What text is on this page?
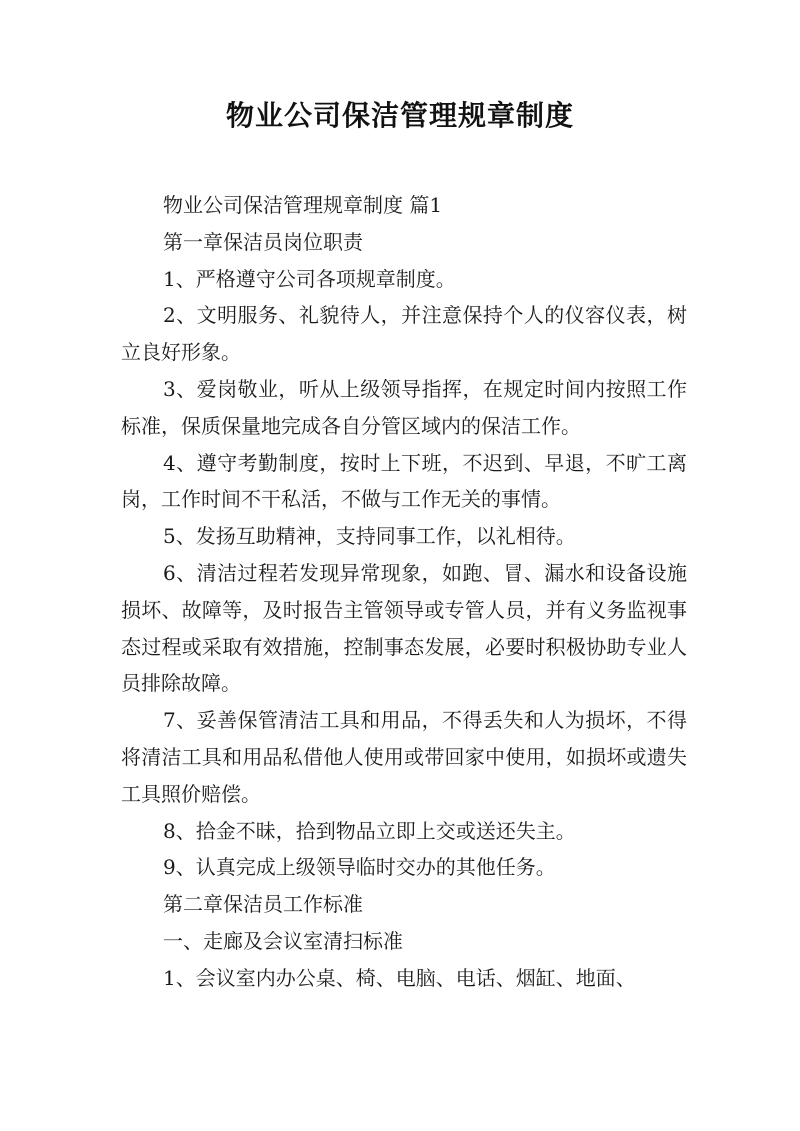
物业公司保洁管理规章制度

物业公司保洁管理规章制度 篇1

第一章保洁员岗位职责

1、严格遵守公司各项规章制度。

2、文明服务、礼貌待人，并注意保持个人的仪容仪表，树立良好形象。

3、爱岗敬业，听从上级领导指挥，在规定时间内按照工作标准，保质保量地完成各自分管区域内的保洁工作。

4、遵守考勤制度，按时上下班，不迟到、早退，不旷工离岗，工作时间不干私活，不做与工作无关的事情。

5、发扬互助精神，支持同事工作，以礼相待。

6、清洁过程若发现异常现象，如跑、冒、漏水和设备设施损坏、故障等，及时报告主管领导或专管人员，并有义务监视事态过程或采取有效措施，控制事态发展，必要时积极协助专业人员排除故障。

7、妥善保管清洁工具和用品，不得丢失和人为损坏，不得将清洁工具和用品私借他人使用或带回家中使用，如损坏或遗失工具照价赔偿。

8、拾金不昧，拾到物品立即上交或送还失主。

9、认真完成上级领导临时交办的其他任务。

第二章保洁员工作标准

一、走廊及会议室清扫标准

1、会议室内办公桌、椅、电脑、电话、烟缸、地面、
